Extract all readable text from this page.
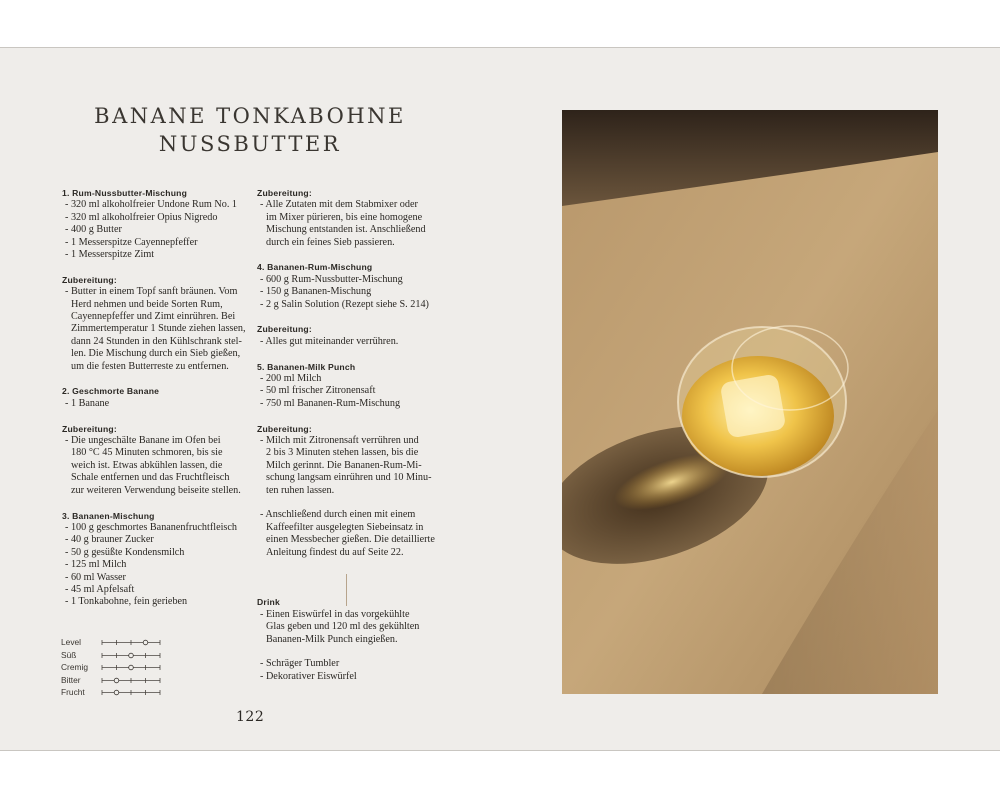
BANANE TONKABOHNE
NUSSBUTTER
1. Rum-Nussbutter-Mischung
- 320 ml alkoholfreier Undone Rum No. 1
- 320 ml alkoholfreier Opius Nigredo
- 400 g Butter
- 1 Messerspitze Cayennepfeffer
- 1 Messerspitze Zimt
Zubereitung:
- Butter in einem Topf sanft bräunen. Vom
Herd nehmen und beide Sorten Rum,
Cayennepfeffer und Zimt einrühren. Bei
Zimmertemperatur 1 Stunde ziehen lassen,
dann 24 Stunden in den Kühlschrank stel-
len. Die Mischung durch ein Sieb gießen,
um die festen Butterreste zu entfernen.
2. Geschmorte Banane
- 1 Banane
Zubereitung:
- Die ungeschälte Banane im Ofen bei
180 °C 45 Minuten schmoren, bis sie
weich ist. Etwas abkühlen lassen, die
Schale entfernen und das Fruchtfleisch
zur weiteren Verwendung beiseite stellen.
3. Bananen-Mischung
- 100 g geschmortes Bananenfruchtfleisch
- 40 g brauner Zucker
- 50 g gesüßte Kondensmilch
- 125 ml Milch
- 60 ml Wasser
- 45 ml Apfelsaft
- 1 Tonkabohne, fein gerieben
Zubereitung:
- Alle Zutaten mit dem Stabmixer oder
im Mixer pürieren, bis eine homogene
Mischung entstanden ist. Anschließend
durch ein feines Sieb passieren.
4. Bananen-Rum-Mischung
- 600 g Rum-Nussbutter-Mischung
- 150 g Bananen-Mischung
- 2 g Salin Solution (Rezept siehe S. 214)
Zubereitung:
- Alles gut miteinander verrühren.
5. Bananen-Milk Punch
- 200 ml Milch
- 50 ml frischer Zitronensaft
- 750 ml Bananen-Rum-Mischung
Zubereitung:
- Milch mit Zitronensaft verrühren und
2 bis 3 Minuten stehen lassen, bis die
Milch gerinnt. Die Bananen-Rum-Mi-
schung langsam einrühren und 10 Minu-
ten ruhen lassen.
- Anschließend durch einen mit einem
Kaffeefilter ausgelegten Siebeinsatz in
einen Messbecher gießen. Die detaillierte
Anleitung findest du auf Seite 22.
Drink
- Einen Eiswürfel in das vorgekühlte
Glas geben und 120 ml des gekühlten
Bananen-Milk Punch eingießen.
- Schräger Tumbler
- Dekorativer Eiswürfel
Level
Süß
Cremig
Bitter
Frucht
122
